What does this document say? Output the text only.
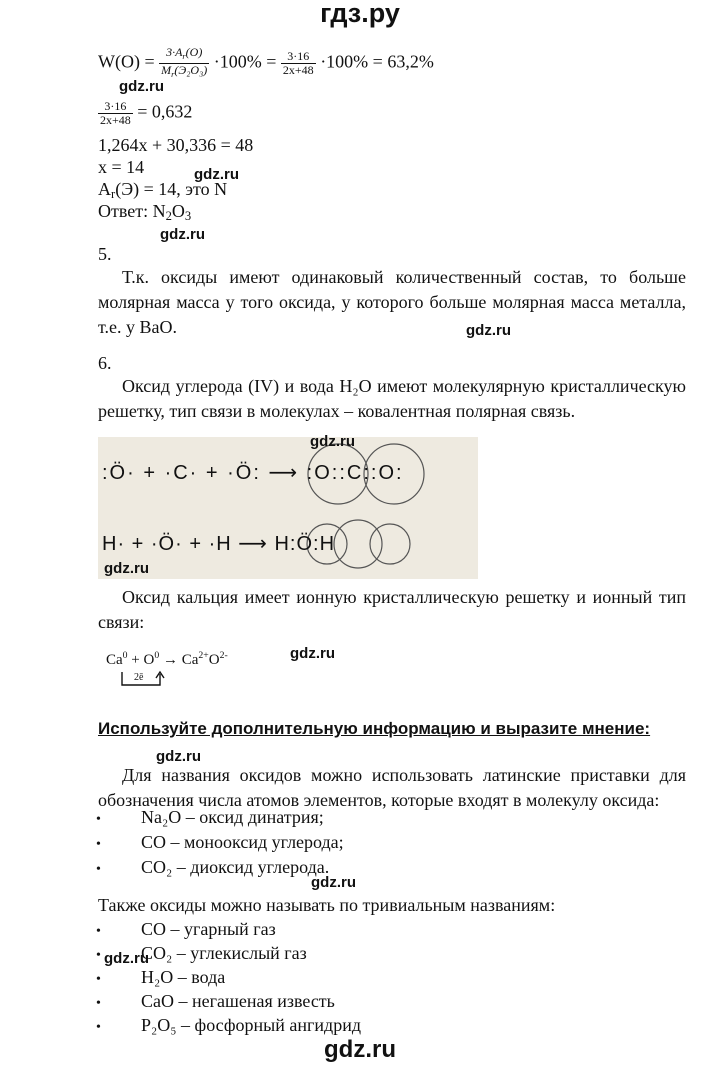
гдз.ру
$W(O) = \frac{3\cdot A_r(O)}{M_r(Э_2O_3)} \cdot 100\% = \frac{3\cdot 16}{2x+48} \cdot 100\% = 63,2\%$
gdz.ru
$\frac{3\cdot 16}{2x+48} = 0,632$
1,264x + 30,336 = 48
x = 14	gdz.ru
$A_r(Э) = 14$, это N
Ответ: $N_2O_3$
gdz.ru
5.
Т.к. оксиды имеют одинаковый количественный состав, то больше молярная масса у того оксида, у которого больше молярная масса металла, т.е. у BaO.	gdz.ru
6.
Оксид углерода (IV) и вода H₂O имеют молекулярную кристаллическую решетку, тип связи в молекулах – ковалентная полярная связь.
:Ö· + ·C· + ·Ö: ⟶ :O::C::O:
H· + ·Ö· + ·H ⟶ H:Ö:H
gdz.ru
gdz.ru
Оксид кальция имеет ионную кристаллическую решетку и ионный тип связи:
$Ca^0 + O^0 \to Ca^{2+}O^{2-}$
2ē
gdz.ru
Используйте дополнительную информацию и выразите мнение:
gdz.ru
Для названия оксидов можно использовать латинские приставки для обозначения числа атомов элементов, которые входят в молекулу оксида:
• Na₂O – оксид динатрия;
• CO – монооксид углерода;
• CO₂ – диоксид углерода.
gdz.ru
Также оксиды можно называть по тривиальным названиям:
• CO – угарный газ
• CO₂ – углекислый газ
gdz.ru
• H₂O – вода
• CaO – негашеная известь
• P₂O₅ – фосфорный ангидрид
gdz.ru
